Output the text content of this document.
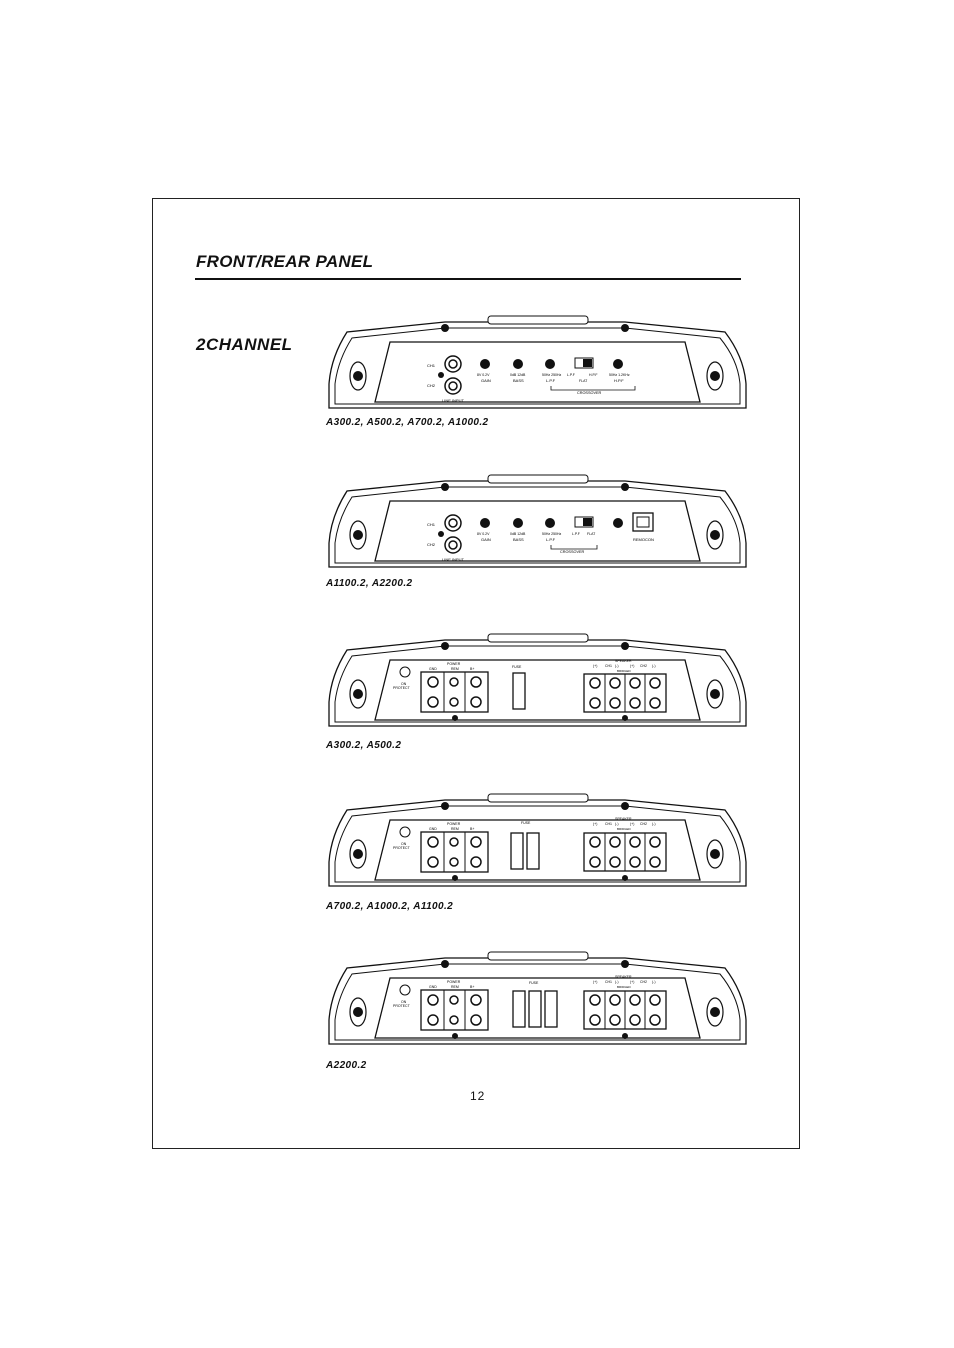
FRONT/REAR PANEL
2CHANNEL
CH1
CH2
LINE INPUT
8V 0.2V
GAIN
0dB 12dB
BASS
50Hz 250Hz
L.P.F
L.P.F	H.P.F
FLAT
50Hz 1.2KHz
H.P.F
CROSSOVER
A300.2, A500.2, A700.2, A1000.2
CH1
CH2
LINE INPUT
8V 0.2V
GAIN
0dB 12dB
BASS
50Hz 250Hz
L.P.F
L.P.F FLAT
CROSSOVER
REMOCON
A1100.2, A2200.2
ON
PROTECT
POWER
GND	REM	B+	FUSE
SPEAKER
(+) CH1 (-)	(+) CH2 (-)
BRIDGED
A300.2, A500.2
ON
PROTECT
POWER
GND	REM	B+
FUSE
SPEAKER
(+) CH1 (-)	(+) CH2 (-)
BRIDGED
A700.2, A1000.2, A1100.2
ON
PROTECT
POWER
GND	REM	B+
FUSE
SPEAKER
(+) CH1 (-)	(+) CH2 (-)
BRIDGED
A2200.2
12
